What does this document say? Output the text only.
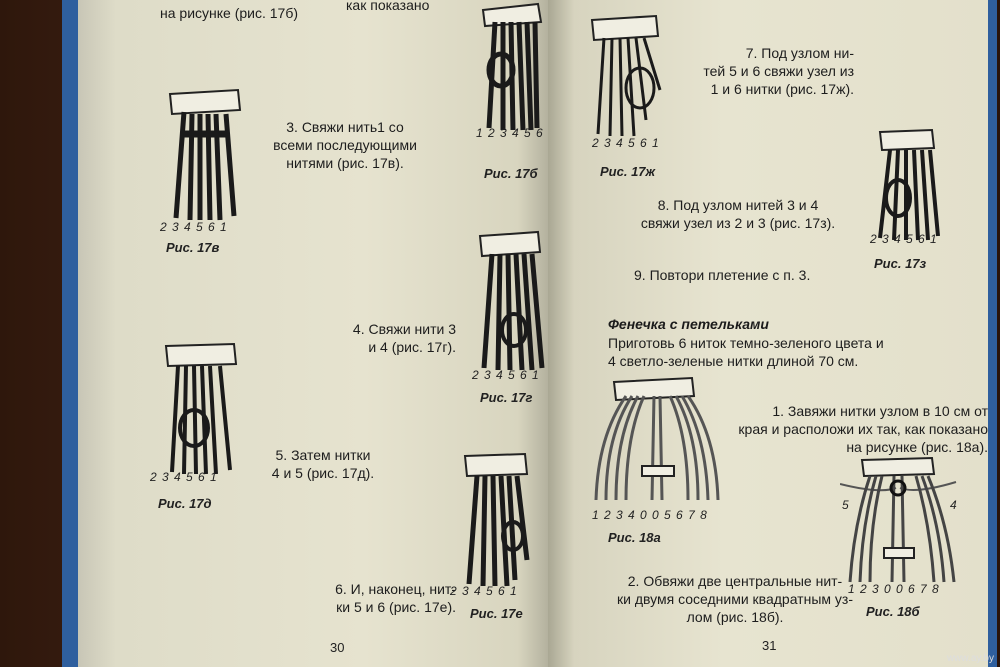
как показано
на рисунке (рис. 17б)
3. Свяжи нить1 со
всеми последующими
нитями (рис. 17в).
4. Свяжи нити 3
и 4 (рис. 17г).
5. Затем нитки
4 и 5 (рис. 17д).
6. И, наконец, нит-
ки 5 и 6 (рис. 17е).
1 2 3 4 5 6
Рис. 17б
2 3 4 5 6 1
Рис. 17в
2 3 4 5 6 1
Рис. 17г
2 3 4 5 6 1
Рис. 17д
2 3 4 5 6 1
Рис. 17е
30
7. Под узлом ни-
тей 5 и 6 свяжи узел из
1 и 6 нитки (рис. 17ж).
8. Под узлом нитей 3 и 4
свяжи узел из 2 и 3 (рис. 17з).
9. Повтори плетение с п. 3.
Фенечка с петельками
Приготовь 6 ниток темно-зеленого цвета и
4 светло-зеленые нитки длиной 70 см.
1. Завяжи нитки узлом в 10 см от
края и расположи их так, как показано
на рисунке (рис. 18а).
2. Обвяжи две центральные нит-
ки двумя соседними квадратным уз-
лом (рис. 18б).
2 3 4 5 6 1
Рис. 17ж
2 3 4 5 6 1
Рис. 17з
1 2 3 4 0 0 5 6 7 8
Рис. 18а
5	4
1 2 3 0 0 6 7 8
Рис. 18б
31
www.ay.by
